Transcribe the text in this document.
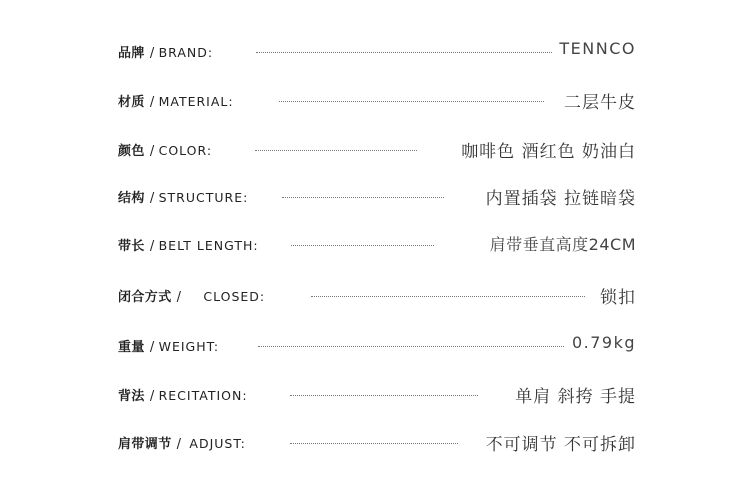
品牌 / BRAND:	TENNCO
材质 / MATERIAL:	二层牛皮
颜色 / COLOR:	咖啡色 酒红色 奶油白
结构 / STRUCTURE:	内置插袋 拉链暗袋
带长 / BELT LENGTH:	肩带垂直高度24CM
闭合方式 / CLOSED:	锁扣
重量 / WEIGHT:	0.79kg
背法 / RECITATION:	单肩 斜挎 手提
肩带调节 / ADJUST:	不可调节 不可拆卸
